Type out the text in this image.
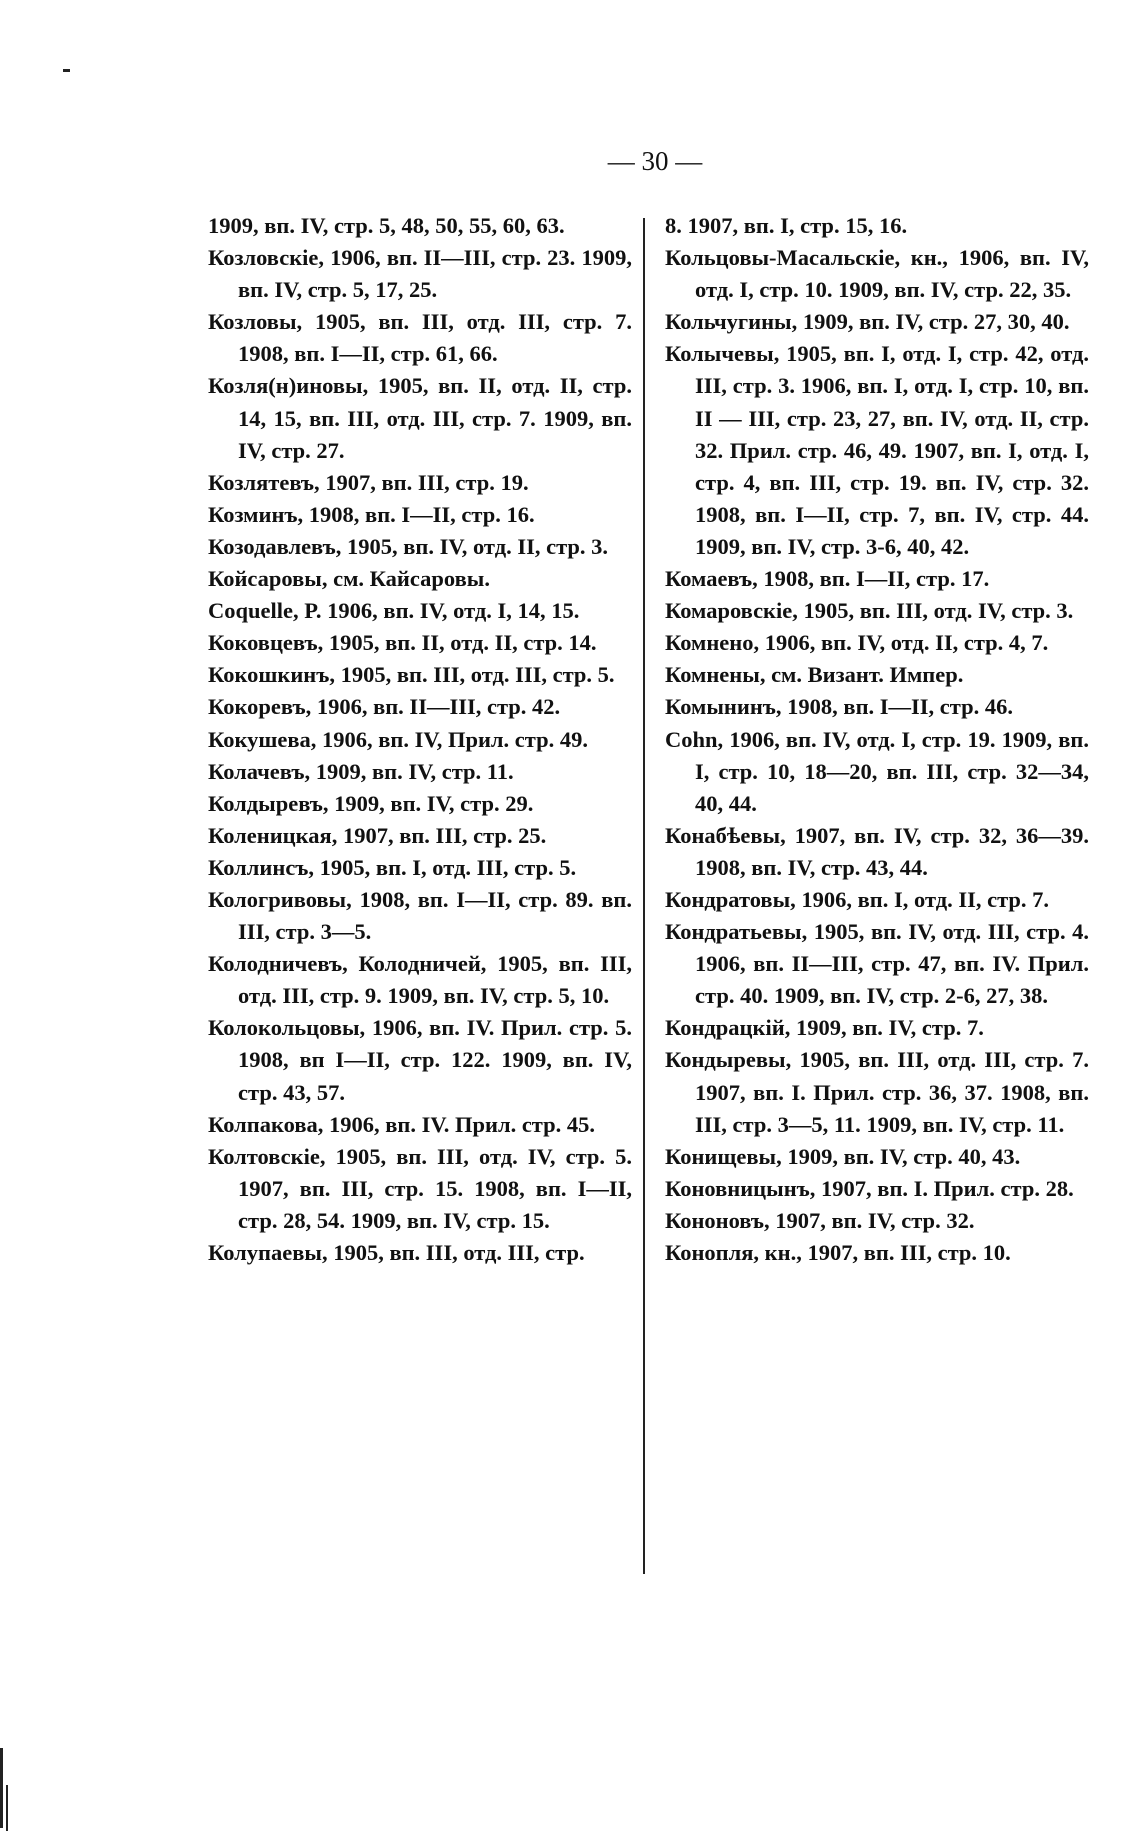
— 30 —

1909, вп. IV, стр. 5, 48, 50, 55, 60, 63.

Козловскіе, 1906, вп. II—III, стр. 23. 1909, вп. IV, стр. 5, 17, 25.

Козловы, 1905, вп. III, отд. III, стр. 7. 1908, вп. I—II, стр. 61, 66.

Козля(н)иновы, 1905, вп. II, отд. II, стр. 14, 15, вп. III, отд. III, стр. 7. 1909, вп. IV, стр. 27.

Козлятевъ, 1907, вп. III, стр. 19.

Козминъ, 1908, вп. I—II, стр. 16.

Козодавлевъ, 1905, вп. IV, отд. II, стр. 3.

Койсаровы, см. Кайсаровы.

Coquelle, P. 1906, вп. IV, отд. I, 14, 15.

Коковцевъ, 1905, вп. II, отд. II, стр. 14.

Кокошкинъ, 1905, вп. III, отд. III, стр. 5.

Кокоревъ, 1906, вп. II—III, стр. 42.

Кокушева, 1906, вп. IV, Прил. стр. 49.

Колачевъ, 1909, вп. IV, стр. 11.

Колдыревъ, 1909, вп. IV, стр. 29.

Коленицкая, 1907, вп. III, стр. 25.

Коллинсъ, 1905, вп. I, отд. III, стр. 5.

Кологривовы, 1908, вп. I—II, стр. 89. вп. III, стр. 3—5.

Колодничевъ, Колодничей, 1905, вп. III, отд. III, стр. 9. 1909, вп. IV, стр. 5, 10.

Колокольцовы, 1906, вп. IV. Прил. стр. 5. 1908, вп I—II, стр. 122. 1909, вп. IV, стр. 43, 57.

Колпакова, 1906, вп. IV. Прил. стр. 45.

Колтовскіе, 1905, вп. III, отд. IV, стр. 5. 1907, вп. III, стр. 15. 1908, вп. I—II, стр. 28, 54. 1909, вп. IV, стр. 15.

Колупаевы, 1905, вп. III, отд. III, стр.

8. 1907, вп. I, стр. 15, 16.

Кольцовы-Масальскіе, кн., 1906, вп. IV, отд. I, стр. 10. 1909, вп. IV, стр. 22, 35.

Кольчугины, 1909, вп. IV, стр. 27, 30, 40.

Колычевы, 1905, вп. I, отд. I, стр. 42, отд. III, стр. 3. 1906, вп. I, отд. I, стр. 10, вп. II — III, стр. 23, 27, вп. IV, отд. II, стр. 32. Прил. стр. 46, 49. 1907, вп. I, отд. I, стр. 4, вп. III, стр. 19. вп. IV, стр. 32. 1908, вп. I—II, стр. 7, вп. IV, стр. 44. 1909, вп. IV, стр. 3-6, 40, 42.

Комаевъ, 1908, вп. I—II, стр. 17.

Комаровскіе, 1905, вп. III, отд. IV, стр. 3.

Комнено, 1906, вп. IV, отд. II, стр. 4, 7.

Комнены, см. Визант. Импер.

Комынинъ, 1908, вп. I—II, стр. 46.

Cohn, 1906, вп. IV, отд. I, стр. 19. 1909, вп. I, стр. 10, 18—20, вп. III, стр. 32—34, 40, 44.

Конабѣевы, 1907, вп. IV, стр. 32, 36—39. 1908, вп. IV, стр. 43, 44.

Кондратовы, 1906, вп. I, отд. II, стр. 7.

Кондратьевы, 1905, вп. IV, отд. III, стр. 4. 1906, вп. II—III, стр. 47, вп. IV. Прил. стр. 40. 1909, вп. IV, стр. 2-6, 27, 38.

Кондрацкій, 1909, вп. IV, стр. 7.

Кондыревы, 1905, вп. III, отд. III, стр. 7. 1907, вп. I. Прил. стр. 36, 37. 1908, вп. III, стр. 3—5, 11. 1909, вп. IV, стр. 11.

Конищевы, 1909, вп. IV, стр. 40, 43.

Коновницынъ, 1907, вп. I. Прил. стр. 28.

Кононовъ, 1907, вп. IV, стр. 32.

Конопля, кн., 1907, вп. III, стр. 10.
